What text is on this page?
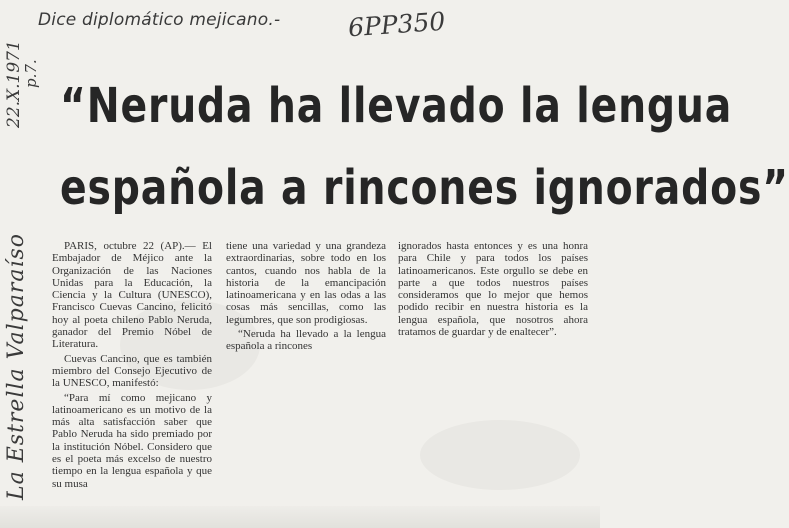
Dice diplomático mejicano.-	6PP350
22.X.1971
p.7.
La Estrella Valparaíso
“Neruda ha llevado la lengua
española a rincones ignorados”

PARIS, octubre 22 (AP).— El Embajador de Méjico ante la Organización de las Naciones Unidas para la Educación, la Ciencia y la Cultura (UNESCO), Francisco Cuevas Cancino, felicitó hoy al poeta chileno Pablo Neruda, ganador del Premio Nóbel de Literatura.

Cuevas Cancino, que es también miembro del Consejo Ejecutivo de la UNESCO, manifestó:

“Para mí como mejicano y latinoamericano es un motivo de la más alta satisfacción saber que Pablo Neruda ha sido premiado por la institución Nóbel. Considero que es el poeta más excelso de nuestro tiempo en la lengua española y que su musa

tiene una variedad y una grandeza extraordinarias, sobre todo en los cantos, cuando nos habla de la historia de la emancipación latinoamericana y en las odas a las cosas más sencillas, como las legumbres, que son prodigiosas.

“Neruda ha llevado a la lengua española a rincones

ignorados hasta entonces y es una honra para Chile y para todos los países latinoamericanos. Este orgullo se debe en parte a que todos nuestros países consideramos que lo mejor que hemos podido recibir en nuestra historia es la lengua española, que nosotros ahora tratamos de guardar y de enaltecer”.
